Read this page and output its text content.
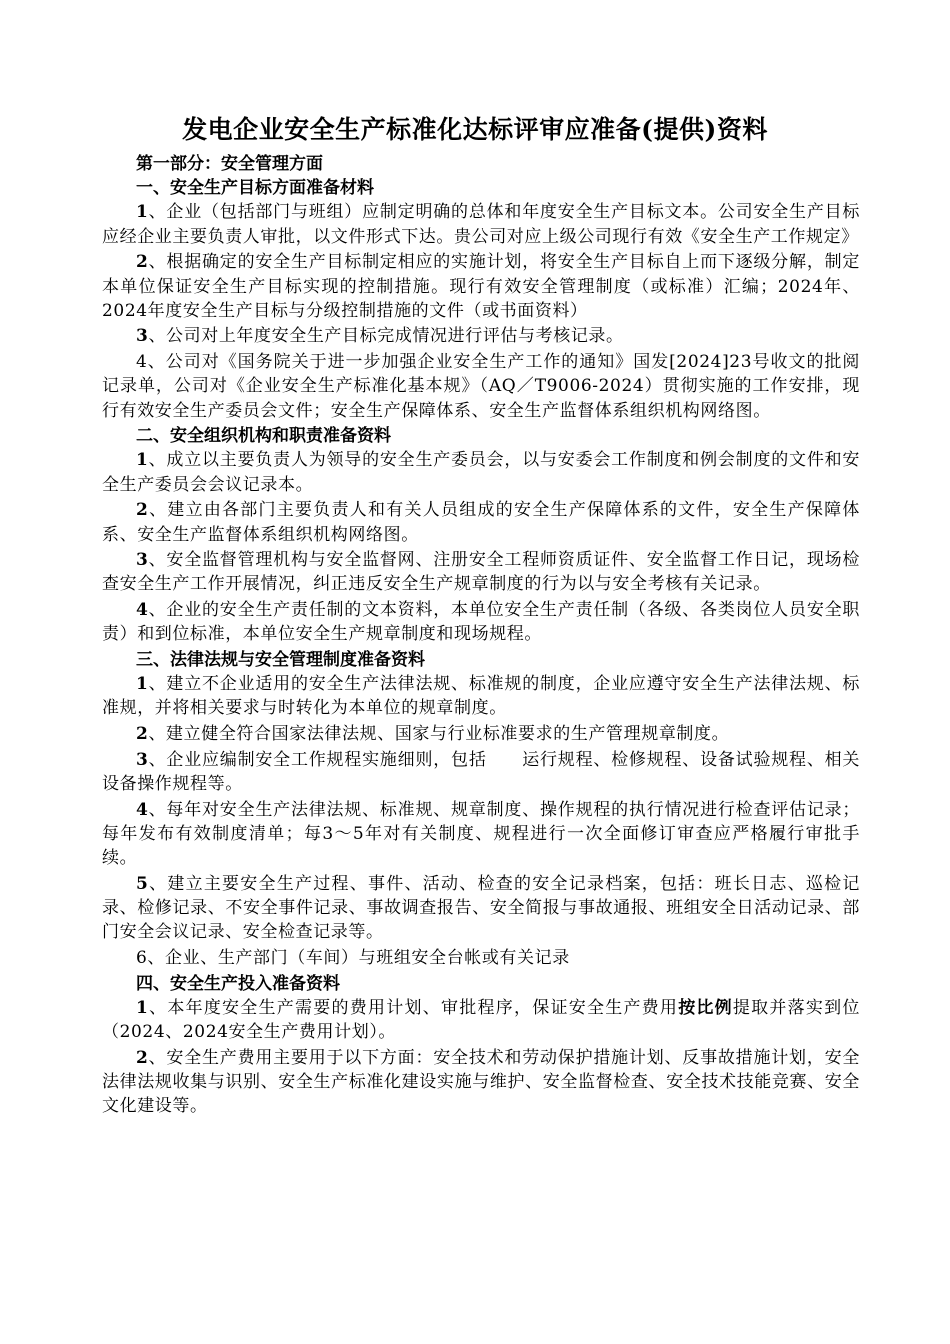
发电企业安全生产标准化达标评审应准备(提供)资料

第一部分：安全管理方面

一、安全生产目标方面准备材料

1、企业（包括部门与班组）应制定明确的总体和年度安全生产目标文本。公司安全生产目标应经企业主要负责人审批，以文件形式下达。贵公司对应上级公司现行有效《安全生产工作规定》

2、根据确定的安全生产目标制定相应的实施计划，将安全生产目标自上而下逐级分解，制定本单位保证安全生产目标实现的控制措施。现行有效安全管理制度（或标准）汇编；2024年、2024年度安全生产目标与分级控制措施的文件（或书面资料）

3、公司对上年度安全生产目标完成情况进行评估与考核记录。

4、公司对《国务院关于进一步加强企业安全生产工作的通知》国发[2024]23号收文的批阅记录单，公司对《企业安全生产标准化基本规》（AQ／T9006-2024）贯彻实施的工作安排，现行有效安全生产委员会文件；安全生产保障体系、安全生产监督体系组织机构网络图。

二、安全组织机构和职责准备资料

1、成立以主要负责人为领导的安全生产委员会，以与安委会工作制度和例会制度的文件和安全生产委员会会议记录本。

2、建立由各部门主要负责人和有关人员组成的安全生产保障体系的文件，安全生产保障体系、安全生产监督体系组织机构网络图。

3、安全监督管理机构与安全监督网、注册安全工程师资质证件、安全监督工作日记，现场检查安全生产工作开展情况，纠正违反安全生产规章制度的行为以与安全考核有关记录。

4、企业的安全生产责任制的文本资料，本单位安全生产责任制（各级、各类岗位人员安全职责）和到位标准，本单位安全生产规章制度和现场规程。

三、法律法规与安全管理制度准备资料

1、建立不企业适用的安全生产法律法规、标准规的制度，企业应遵守安全生产法律法规、标准规，并将相关要求与时转化为本单位的规章制度。

2、建立健全符合国家法律法规、国家与行业标准要求的生产管理规章制度。

3、企业应编制安全工作规程实施细则，包括　　运行规程、检修规程、设备试验规程、相关设备操作规程等。

4、每年对安全生产法律法规、标准规、规章制度、操作规程的执行情况进行检查评估记录；每年发布有效制度清单；每3～5年对有关制度、规程进行一次全面修订审查应严格履行审批手续。

5、建立主要安全生产过程、事件、活动、检查的安全记录档案，包括：班长日志、巡检记录、检修记录、不安全事件记录、事故调查报告、安全简报与事故通报、班组安全日活动记录、部门安全会议记录、安全检查记录等。

6、企业、生产部门（车间）与班组安全台帐或有关记录

四、安全生产投入准备资料

1、本年度安全生产需要的费用计划、审批程序，保证安全生产费用按比例提取并落实到位（2024、2024安全生产费用计划）。

2、安全生产费用主要用于以下方面：安全技术和劳动保护措施计划、反事故措施计划，安全法律法规收集与识别、安全生产标准化建设实施与维护、安全监督检查、安全技术技能竞赛、安全文化建设等。
